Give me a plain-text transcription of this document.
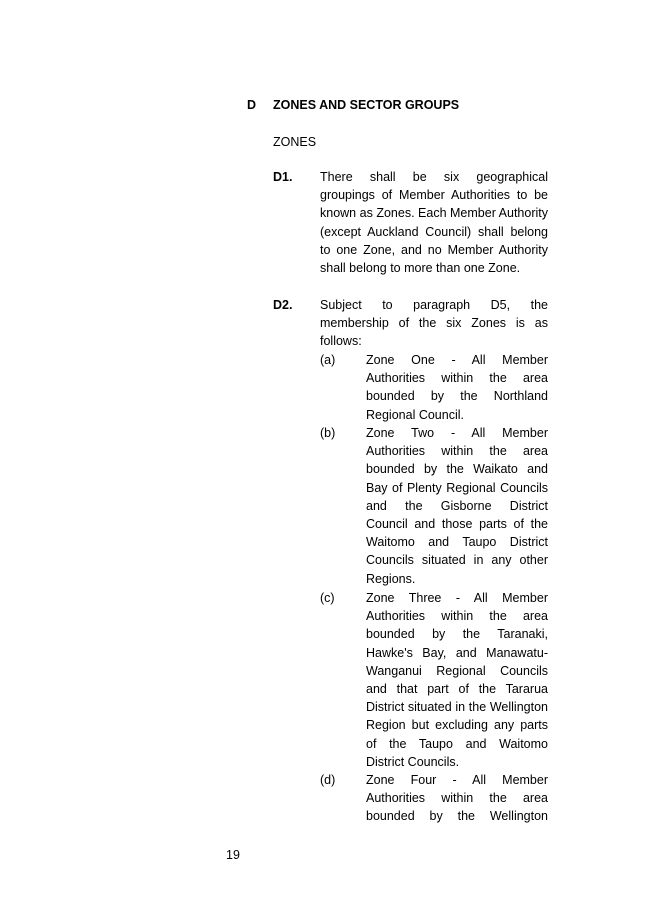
D ZONES AND SECTOR GROUPS
ZONES
D1. There shall be six geographical groupings of Member Authorities to be known as Zones. Each Member Authority (except Auckland Council) shall belong to one Zone, and no Member Authority shall belong to more than one Zone.

D2. Subject to paragraph D5, the membership of the six Zones is as follows:

(a) Zone One - All Member Authorities within the area bounded by the Northland Regional Council.

(b) Zone Two - All Member Authorities within the area bounded by the Waikato and Bay of Plenty Regional Councils and the Gisborne District Council and those parts of the Waitomo and Taupo District Councils situated in any other Regions.

(c)	Zone Three - All Member Authorities within the area bounded by the Taranaki, Hawke's Bay, and Manawatu-Wanganui Regional Councils and that part of the Tararua District situated in the Wellington Region but excluding any parts of the Taupo and Waitomo District Councils.

(d) Zone Four - All Member Authorities within the area bounded by the Wellington

19
